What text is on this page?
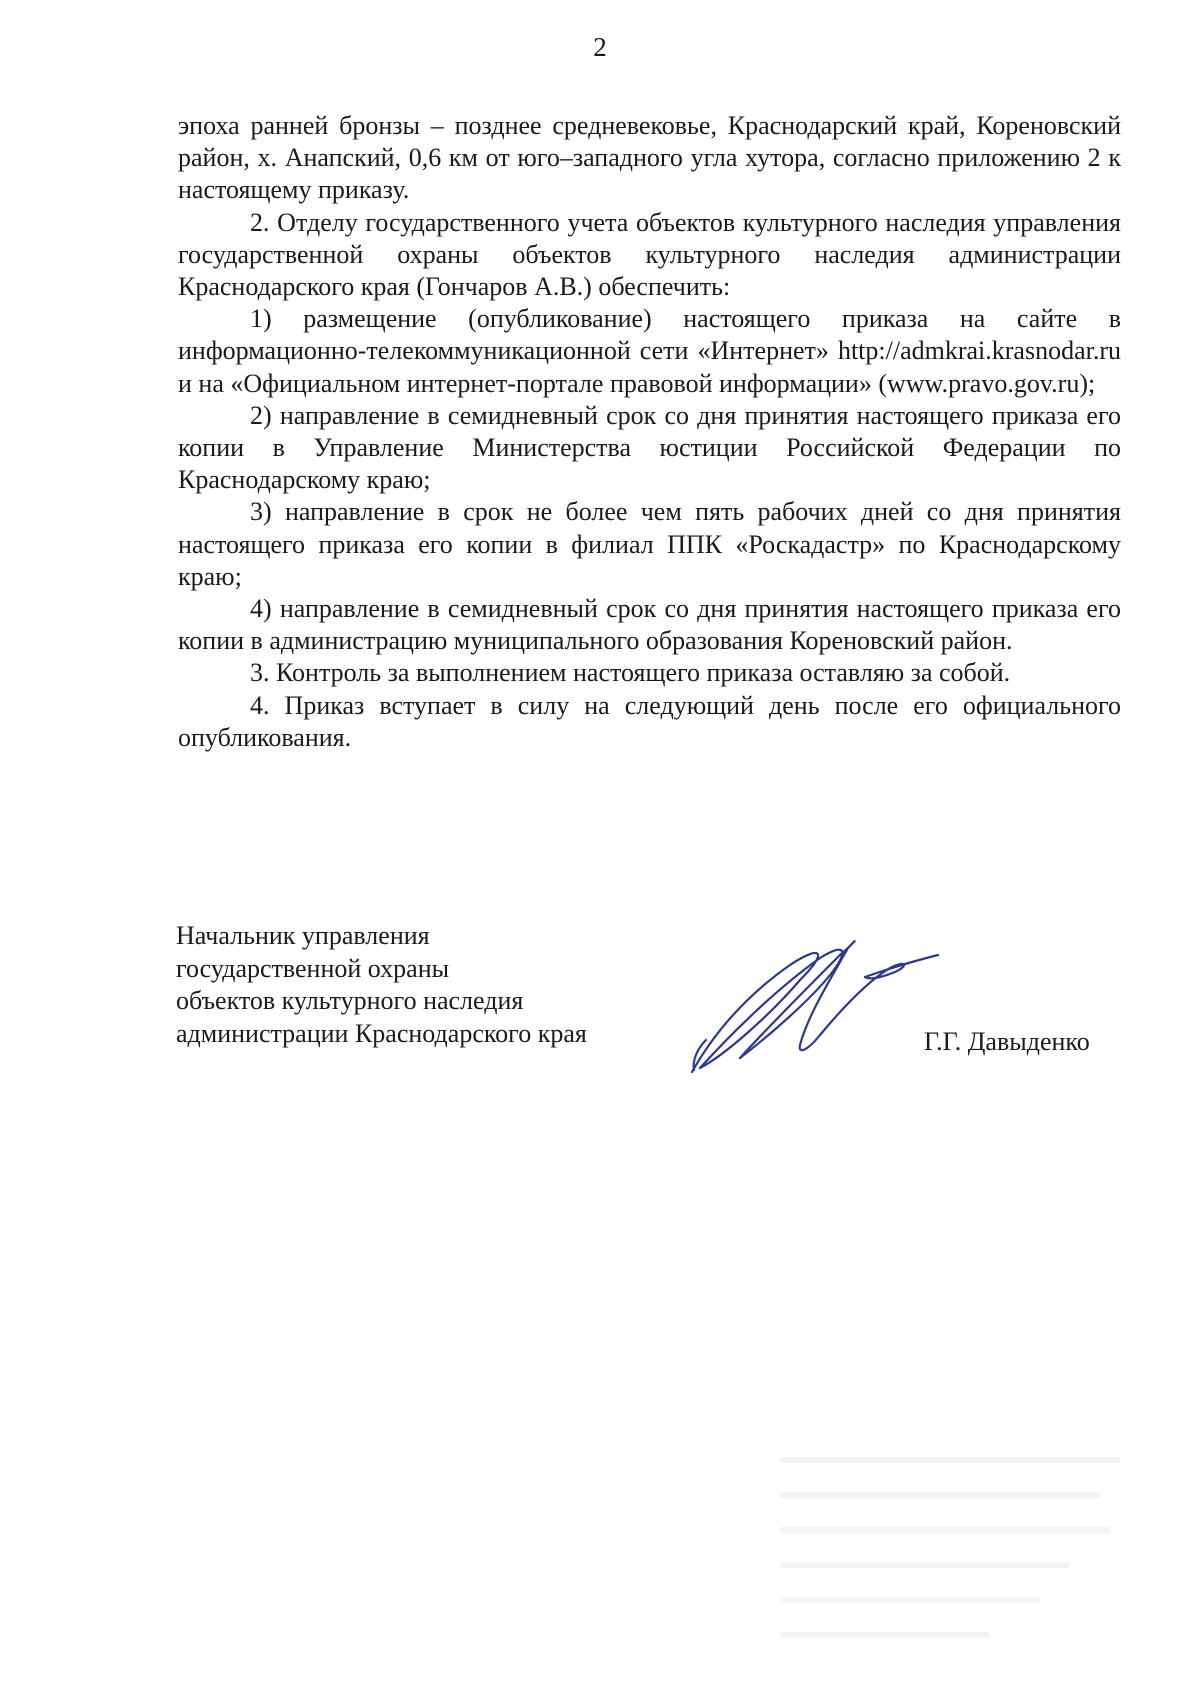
2

эпоха ранней бронзы – позднее средневековье, Краснодарский край, Кореновский район, х. Анапский, 0,6 км от юго–западного угла хутора, согласно приложению 2 к настоящему приказу.

2. Отделу государственного учета объектов культурного наследия управления государственной охраны объектов культурного наследия администрации Краснодарского края (Гончаров А.В.) обеспечить:

1) размещение (опубликование) настоящего приказа на сайте в информационно-телекоммуникационной сети «Интернет» http://admkrai.krasnodar.ru и на «Официальном интернет-портале правовой информации» (www.pravo.gov.ru);

2) направление в семидневный срок со дня принятия настоящего приказа его копии в Управление Министерства юстиции Российской Федерации по Краснодарскому краю;

3) направление в срок не более чем пять рабочих дней со дня принятия настоящего приказа его копии в филиал ППК «Роскадастр» по Краснодарскому краю;

4) направление в семидневный срок со дня принятия настоящего приказа его копии в администрацию муниципального образования Кореновский район.

3. Контроль за выполнением настоящего приказа оставляю за собой.

4. Приказ вступает в силу на следующий день после его официального опубликования.

Начальник управления
государственной охраны
объектов культурного наследия
администрации Краснодарского края	Г.Г. Давыденко
